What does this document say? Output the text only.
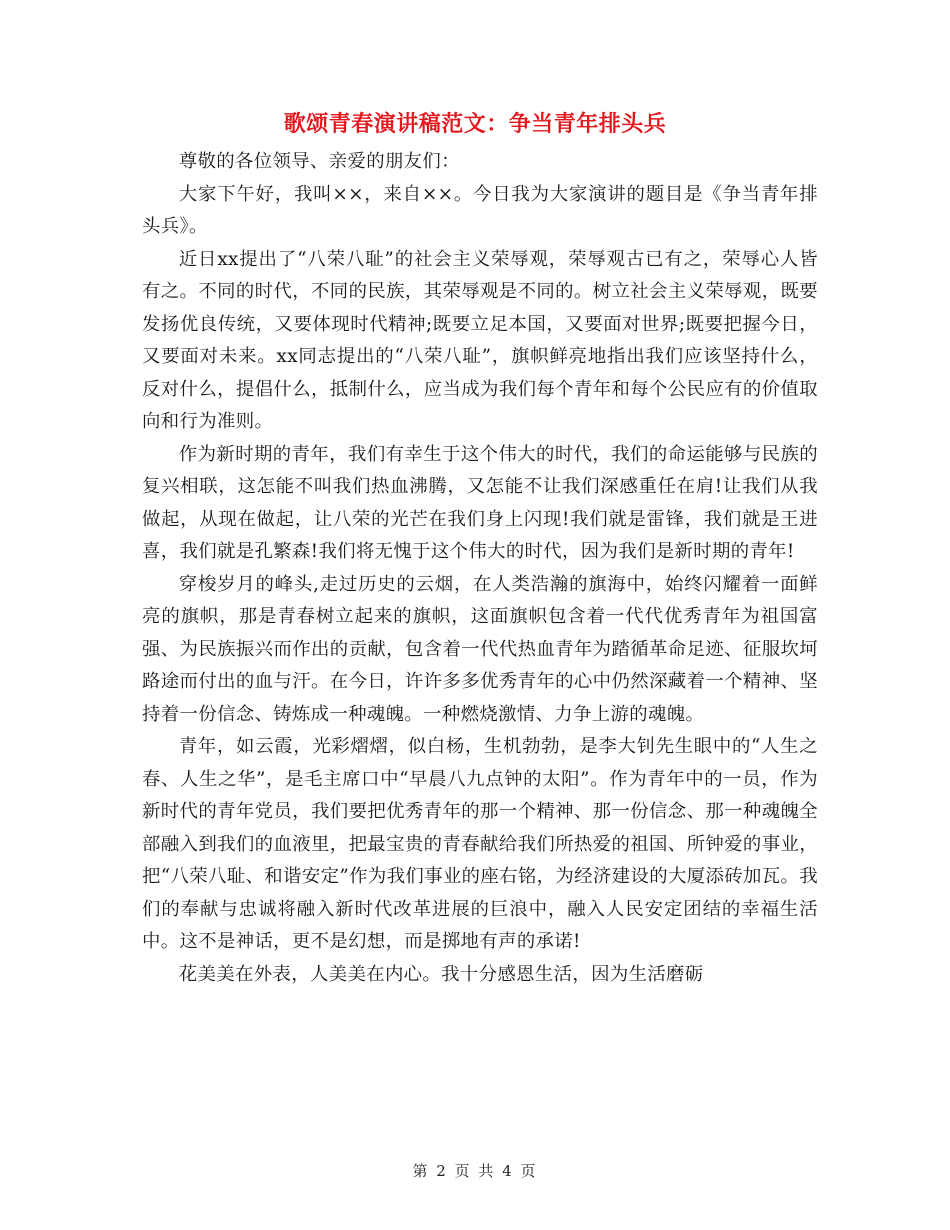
歌颂青春演讲稿范文：争当青年排头兵

尊敬的各位领导、亲爱的朋友们：

大家下午好，我叫××，来自××。今日我为大家演讲的题目是《争当青年排头兵》。

近日xx提出了“八荣八耻”的社会主义荣辱观，荣辱观古已有之，荣辱心人皆有之。不同的时代，不同的民族，其荣辱观是不同的。树立社会主义荣辱观，既要发扬优良传统，又要体现时代精神;既要立足本国，又要面对世界;既要把握今日，又要面对未来。xx同志提出的“八荣八耻”，旗帜鲜亮地指出我们应该坚持什么，反对什么，提倡什么，抵制什么，应当成为我们每个青年和每个公民应有的价值取向和行为准则。

作为新时期的青年，我们有幸生于这个伟大的时代，我们的命运能够与民族的复兴相联，这怎能不叫我们热血沸腾，又怎能不让我们深感重任在肩!让我们从我做起，从现在做起，让八荣的光芒在我们身上闪现!我们就是雷锋，我们就是王进喜，我们就是孔繁森!我们将无愧于这个伟大的时代，因为我们是新时期的青年!

穿梭岁月的峰头,走过历史的云烟，在人类浩瀚的旗海中，始终闪耀着一面鲜亮的旗帜，那是青春树立起来的旗帜，这面旗帜包含着一代代优秀青年为祖国富强、为民族振兴而作出的贡献，包含着一代代热血青年为踏循革命足迹、征服坎坷路途而付出的血与汗。在今日，许许多多优秀青年的心中仍然深藏着一个精神、坚持着一份信念、铸炼成一种魂魄。一种燃烧激情、力争上游的魂魄。

青年，如云霞，光彩熠熠，似白杨，生机勃勃，是李大钊先生眼中的“人生之春、人生之华”，是毛主席口中“早晨八九点钟的太阳”。作为青年中的一员，作为新时代的青年党员，我们要把优秀青年的那一个精神、那一份信念、那一种魂魄全部融入到我们的血液里，把最宝贵的青春献给我们所热爱的祖国、所钟爱的事业，把“八荣八耻、和谐安定”作为我们事业的座右铭，为经济建设的大厦添砖加瓦。我们的奉献与忠诚将融入新时代改革进展的巨浪中，融入人民安定团结的幸福生活中。这不是神话，更不是幻想，而是掷地有声的承诺!

花美美在外表，人美美在内心。我十分感恩生活，因为生活磨砺

第 2 页 共 4 页
